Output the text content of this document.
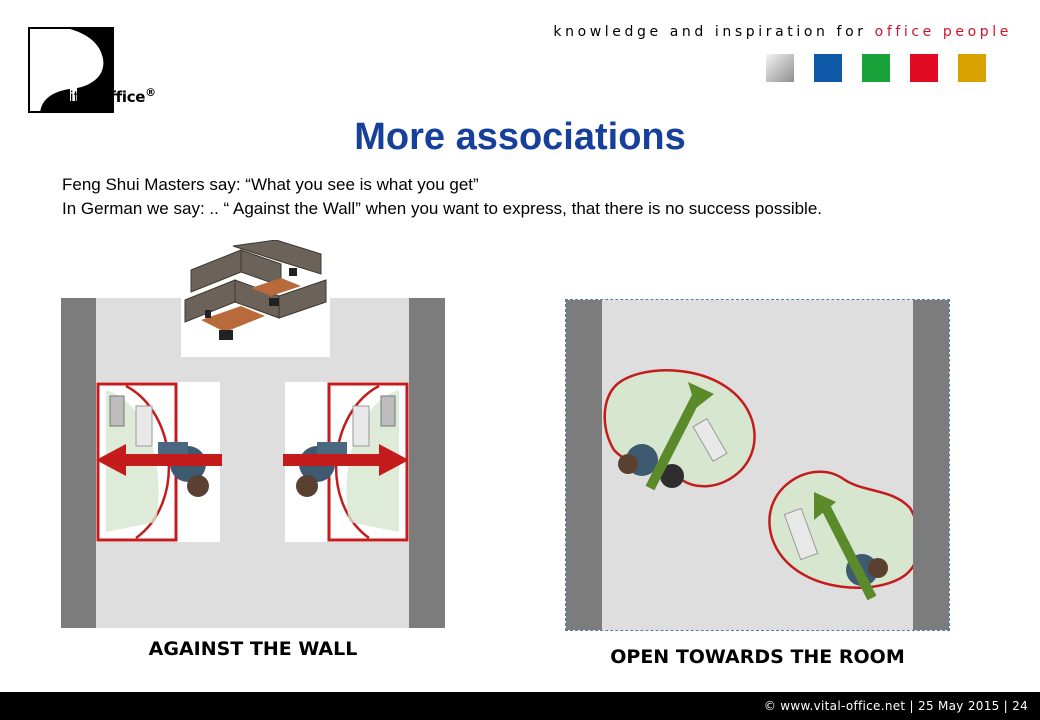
Vital-Office®
knowledge and inspiration for office people
More associations
Feng Shui Masters say: “What you see is what you get”
In German we say: .. “ Against the Wall” when you want to express, that there is no success possible.
AGAINST THE WALL	OPEN TOWARDS THE ROOM
© www.vital-office.net | 25 May 2015 | 24
